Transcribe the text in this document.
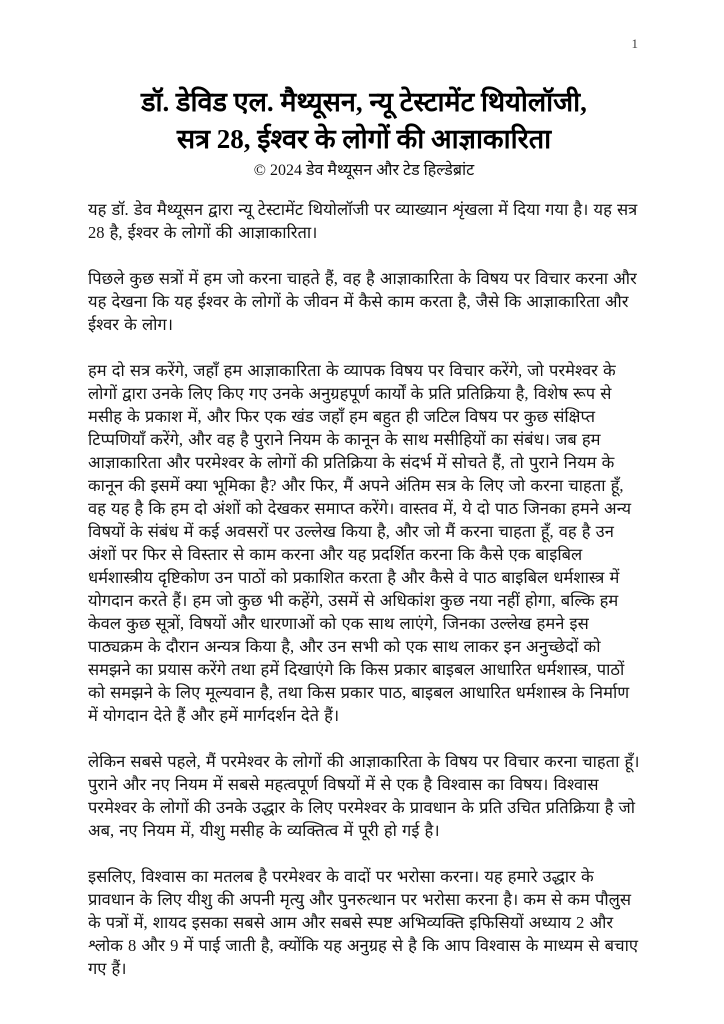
1
डॉ. डेविड एल. मैथ्यूसन, न्यू टेस्टामेंट थियोलॉजी,
सत्र 28, ईश्वर के लोगों की आज्ञाकारिता

© 2024 डेव मैथ्यूसन और टेड हिल्डेब्रांट

यह डॉ. डेव मैथ्यूसन द्वारा न्यू टेस्टामेंट थियोलॉजी पर व्याख्यान शृंखला में दिया गया है। यह सत्र 28 है, ईश्वर के लोगों की आज्ञाकारिता।

पिछले कुछ सत्रों में हम जो करना चाहते हैं, वह है आज्ञाकारिता के विषय पर विचार करना और यह देखना कि यह ईश्वर के लोगों के जीवन में कैसे काम करता है, जैसे कि आज्ञाकारिता और ईश्वर के लोग।

हम दो सत्र करेंगे, जहाँ हम आज्ञाकारिता के व्यापक विषय पर विचार करेंगे, जो परमेश्वर के लोगों द्वारा उनके लिए किए गए उनके अनुग्रहपूर्ण कार्यों के प्रति प्रतिक्रिया है, विशेष रूप से मसीह के प्रकाश में, और फिर एक खंड जहाँ हम बहुत ही जटिल विषय पर कुछ संक्षिप्त टिप्पणियाँ करेंगे, और वह है पुराने नियम के कानून के साथ मसीहियों का संबंध। जब हम आज्ञाकारिता और परमेश्वर के लोगों की प्रतिक्रिया के संदर्भ में सोचते हैं, तो पुराने नियम के कानून की इसमें क्या भूमिका है? और फिर, मैं अपने अंतिम सत्र के लिए जो करना चाहता हूँ, वह यह है कि हम दो अंशों को देखकर समाप्त करेंगे। वास्तव में, ये दो पाठ जिनका हमने अन्य विषयों के संबंध में कई अवसरों पर उल्लेख किया है, और जो मैं करना चाहता हूँ, वह है उन अंशों पर फिर से विस्तार से काम करना और यह प्रदर्शित करना कि कैसे एक बाइबिल धर्मशास्त्रीय दृष्टिकोण उन पाठों को प्रकाशित करता है और कैसे वे पाठ बाइबिल धर्मशास्त्र में योगदान करते हैं। हम जो कुछ भी कहेंगे, उसमें से अधिकांश कुछ नया नहीं होगा, बल्कि हम केवल कुछ सूत्रों, विषयों और धारणाओं को एक साथ लाएंगे, जिनका उल्लेख हमने इस पाठ्यक्रम के दौरान अन्यत्र किया है, और उन सभी को एक साथ लाकर इन अनुच्छेदों को समझने का प्रयास करेंगे तथा हमें दिखाएंगे कि किस प्रकार बाइबल आधारित धर्मशास्त्र, पाठों को समझने के लिए मूल्यवान है, तथा किस प्रकार पाठ, बाइबल आधारित धर्मशास्त्र के निर्माण में योगदान देते हैं और हमें मार्गदर्शन देते हैं।

लेकिन सबसे पहले, मैं परमेश्वर के लोगों की आज्ञाकारिता के विषय पर विचार करना चाहता हूँ। पुराने और नए नियम में सबसे महत्वपूर्ण विषयों में से एक है विश्वास का विषय। विश्वास परमेश्वर के लोगों की उनके उद्धार के लिए परमेश्वर के प्रावधान के प्रति उचित प्रतिक्रिया है जो अब, नए नियम में, यीशु मसीह के व्यक्तित्व में पूरी हो गई है।

इसलिए, विश्वास का मतलब है परमेश्वर के वादों पर भरोसा करना। यह हमारे उद्धार के प्रावधान के लिए यीशु की अपनी मृत्यु और पुनरुत्थान पर भरोसा करना है। कम से कम पौलुस के पत्रों में, शायद इसका सबसे आम और सबसे स्पष्ट अभिव्यक्ति इफिसियों अध्याय 2 और श्लोक 8 और 9 में पाई जाती है, क्योंकि यह अनुग्रह से है कि आप विश्वास के माध्यम से बचाए गए हैं।
